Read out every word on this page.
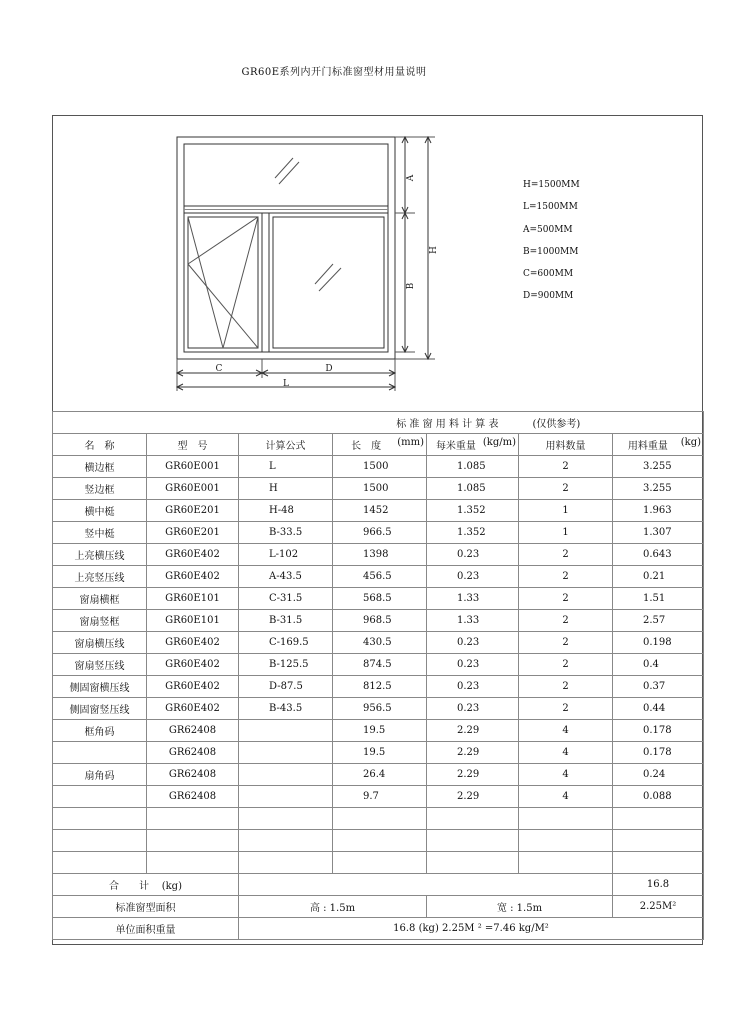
GR60E系列内开门标准窗型材用量说明
A
B
H
C	D
L
H=1500MM
L=1500MM
A=500MM
B=1000MM
C=600MM
D=900MM
标 准 窗 用 料 计 算 表					(仅供参考)	
名　称	型　号	计算公式	长　度 (mm)	每米重量 (kg/m)	用料数量	用料重量 (kg)

横边框	GR60E001	L	1500	1.085	2	3.255
竖边框	GR60E001	H	1500	1.085	2	3.255
横中梃	GR60E201	H-48	1452	1.352	1	1.963
竖中梃	GR60E201	B-33.5	966.5	1.352	1	1.307
上亮横压线	GR60E402	L-102	1398	0.23	2	0.643
上亮竖压线	GR60E402	A-43.5	456.5	0.23	2	0.21
窗扇横框	GR60E101	C-31.5	568.5	1.33	2	1.51
窗扇竖框	GR60E101	B-31.5	968.5	1.33	2	2.57
窗扇横压线	GR60E402	C-169.5	430.5	0.23	2	0.198
窗扇竖压线	GR60E402	B-125.5	874.5	0.23	2	0.4
侧固窗横压线	GR60E402	D-87.5	812.5	0.23	2	0.37
侧固窗竖压线	GR60E402	B-43.5	956.5	0.23	2	0.44
框角码	GR62408		19.5	2.29	4	0.178
	GR62408		19.5	2.29	4	0.178
扇角码	GR62408		26.4	2.29	4	0.24
	GR62408		9.7	2.29	4	0.088

合　　计 (kg)						16.8
标准窗型面积		高 : 1.5m		宽 : 1.5m		2.25M²
单位面积重量		16.8 (kg) 2.25M ² =7.46 kg/M²				
